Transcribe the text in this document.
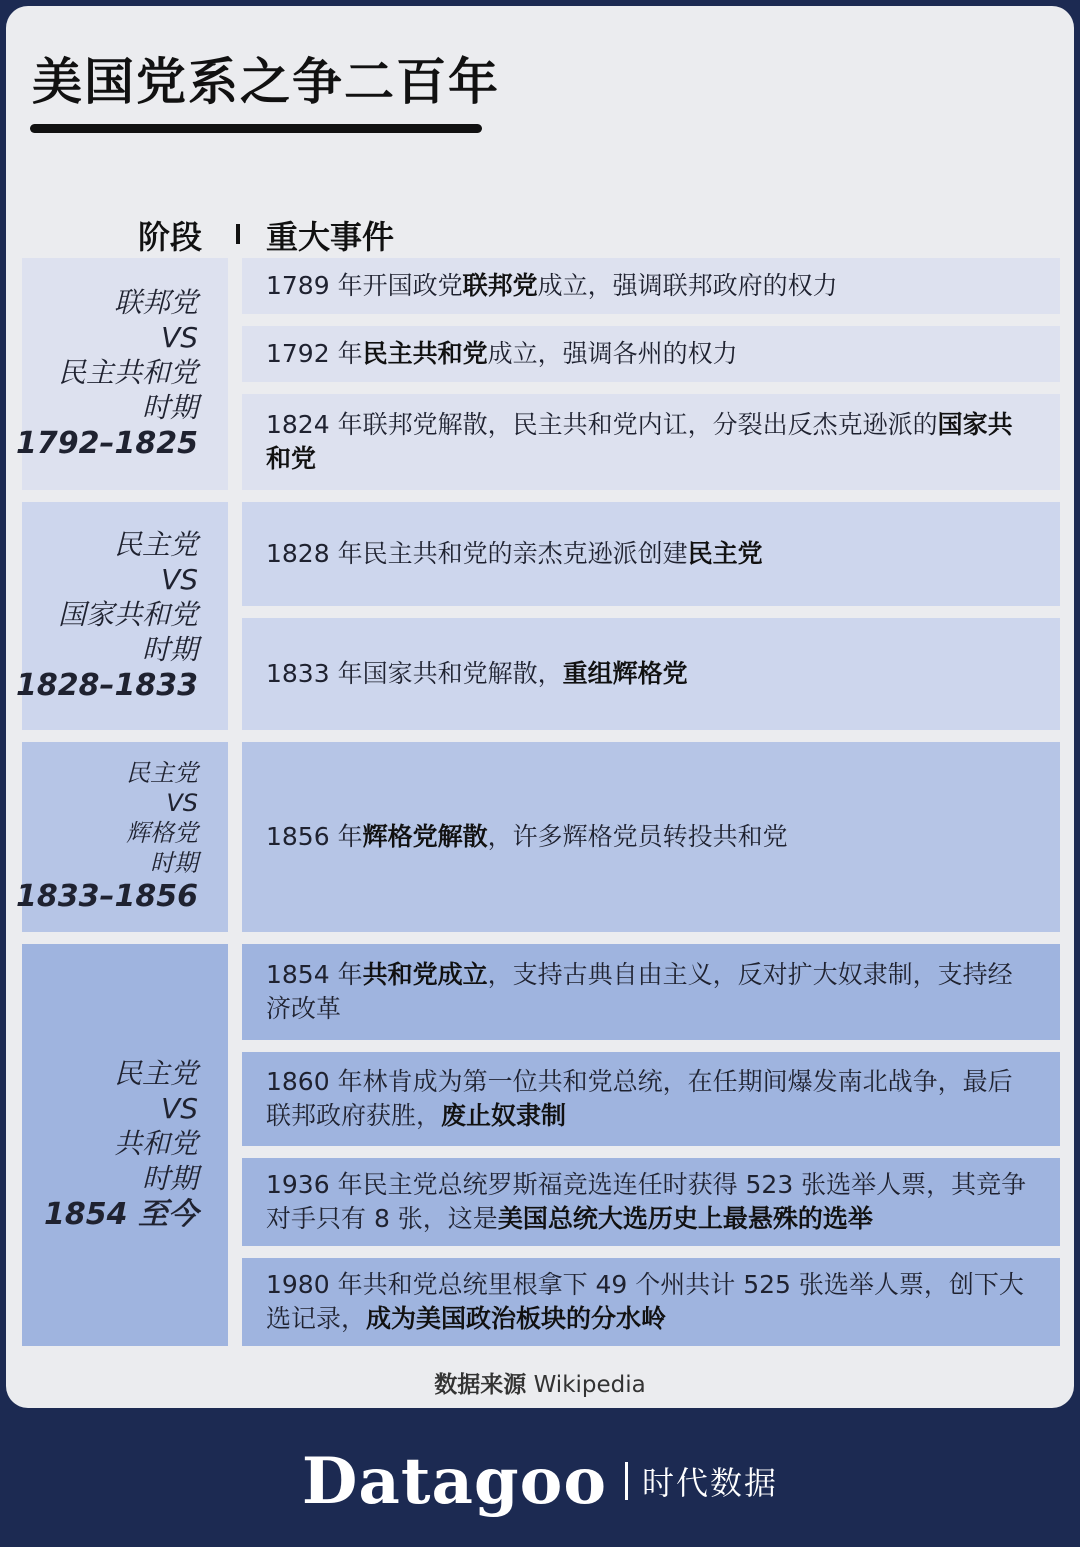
美国党系之争二百年
阶段 重大事件
联邦党
VS
民主共和党
时期
1792–1825
民主党
VS
国家共和党
时期
1828–1833
民主党
VS
辉格党
时期
1833–1856
民主党
VS
共和党
时期
1854 至今
1789 年开国政党联邦党成立，强调联邦政府的权力
1792 年民主共和党成立，强调各州的权力
1824 年联邦党解散，民主共和党内讧，分裂出反杰克逊派的国家共和党
1828 年民主共和党的亲杰克逊派创建民主党
1833 年国家共和党解散，重组辉格党
1856 年辉格党解散，许多辉格党员转投共和党
1854 年共和党成立，支持古典自由主义，反对扩大奴隶制，支持经济改革
1860 年林肯成为第一位共和党总统，在任期间爆发南北战争，最后联邦政府获胜，废止奴隶制
1936 年民主党总统罗斯福竞选连任时获得 523 张选举人票，其竞争对手只有 8 张，这是美国总统大选历史上最悬殊的选举
1980 年共和党总统里根拿下 49 个州共计 525 张选举人票，创下大选记录，成为美国政治板块的分水岭
数据来源 Wikipedia
Datagoo 时代数据
